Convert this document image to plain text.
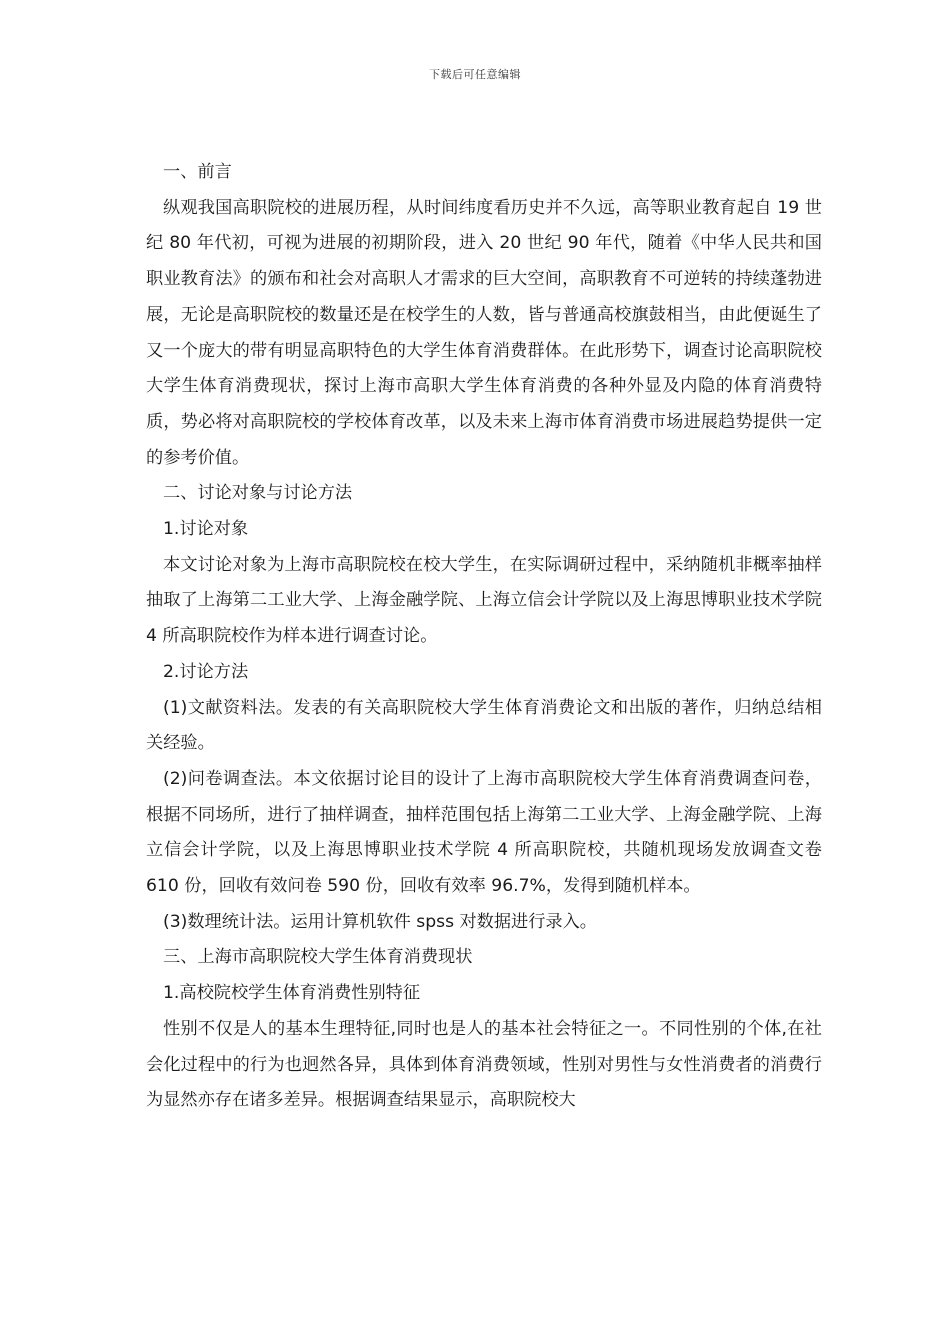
下载后可任意编辑

一、前言

纵观我国高职院校的进展历程，从时间纬度看历史并不久远，高等职业教育起自 19 世纪 80 年代初，可视为进展的初期阶段，进入 20 世纪 90 年代，随着《中华人民共和国职业教育法》的颁布和社会对高职人才需求的巨大空间，高职教育不可逆转的持续蓬勃进展，无论是高职院校的数量还是在校学生的人数，皆与普通高校旗鼓相当，由此便诞生了又一个庞大的带有明显高职特色的大学生体育消费群体。在此形势下，调查讨论高职院校大学生体育消费现状，探讨上海市高职大学生体育消费的各种外显及内隐的体育消费特质，势必将对高职院校的学校体育改革，以及未来上海市体育消费市场进展趋势提供一定的参考价值。

二、讨论对象与讨论方法

1.讨论对象

本文讨论对象为上海市高职院校在校大学生，在实际调研过程中，采纳随机非概率抽样抽取了上海第二工业大学、上海金融学院、上海立信会计学院以及上海思博职业技术学院 4 所高职院校作为样本进行调查讨论。

2.讨论方法

(1)文献资料法。发表的有关高职院校大学生体育消费论文和出版的著作，归纳总结相关经验。

(2)问卷调查法。本文依据讨论目的设计了上海市高职院校大学生体育消费调查问卷，根据不同场所，进行了抽样调查，抽样范围包括上海第二工业大学、上海金融学院、上海立信会计学院，以及上海思博职业技术学院 4 所高职院校，共随机现场发放调查文卷 610 份，回收有效问卷 590 份，回收有效率 96.7%，发得到随机样本。

(3)数理统计法。运用计算机软件 spss 对数据进行录入。

三、上海市高职院校大学生体育消费现状

1.高校院校学生体育消费性别特征

性别不仅是人的基本生理特征,同时也是人的基本社会特征之一。不同性别的个体,在社会化过程中的行为也迥然各异，具体到体育消费领域，性别对男性与女性消费者的消费行为显然亦存在诸多差异。根据调查结果显示，高职院校大
